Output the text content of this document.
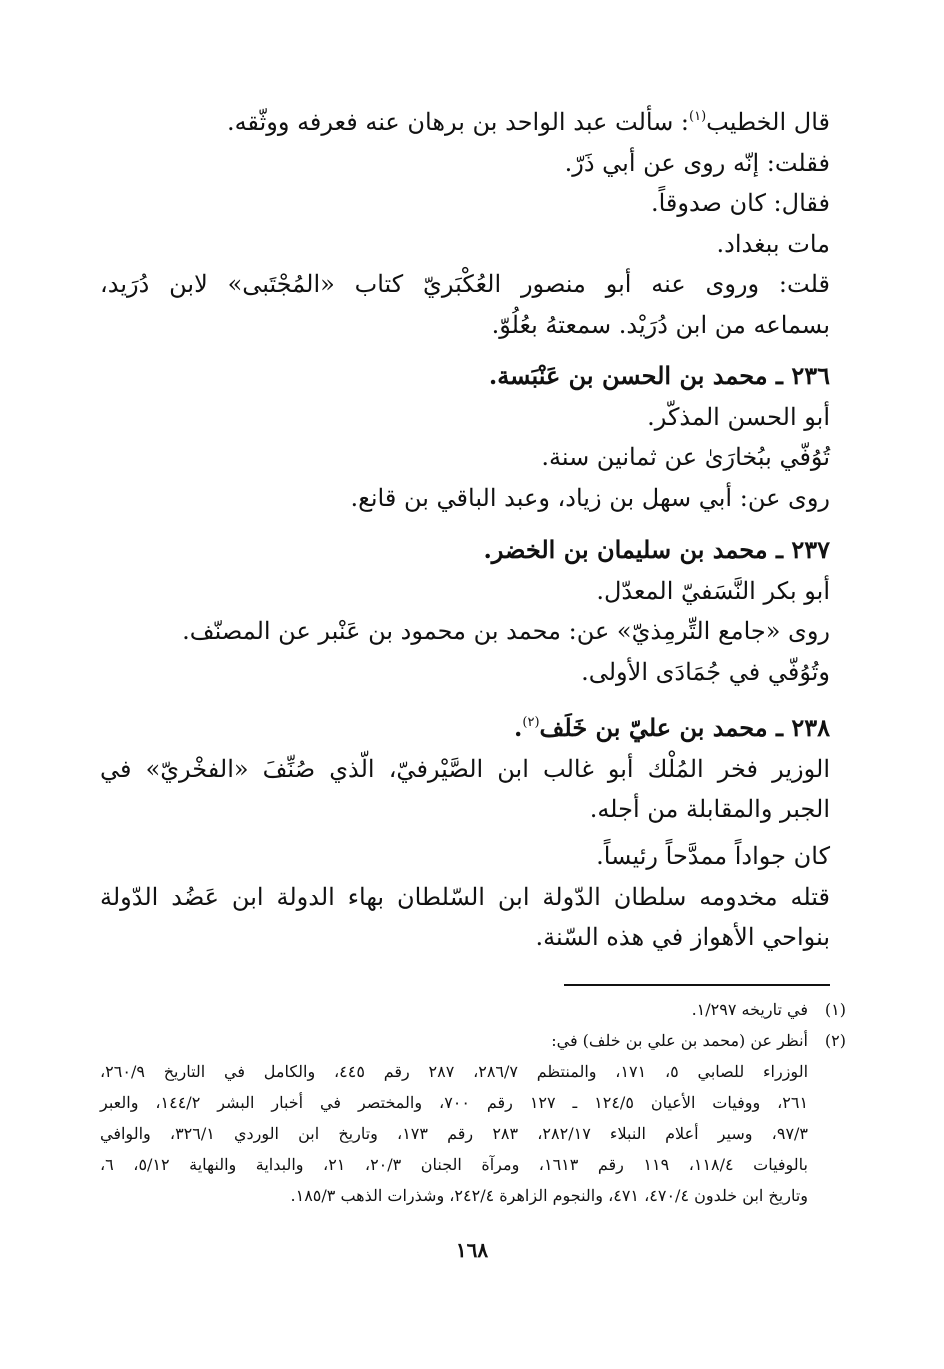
قال الخطيب$^{(١)}$: سألت عبد الواحد بن برهان عنه فعرفه ووثّقه.
فقلت: إنّه روى عن أبي ذَرّ.
فقال: كان صدوقاً.
مات ببغداد.
قلت: وروى عنه أبو منصور العُكْبَريّ كتاب «المُجْتَبى» لابن دُرَيد،
بسماعه من ابن دُرَيْد. سمعتهُ بعُلُوّ.
٢٣٦ ـ محمد بن الحسن بن عَنْبَسة.
أبو الحسن المذكّر.
تُوُفّي ببُخارَىٰ عن ثمانين سنة.
روى عن: أبي سهل بن زياد، وعبد الباقي بن قانع.
٢٣٧ ـ محمد بن سليمان بن الخضر.
أبو بكر النَّسَفيّ المعدّل.
روى «جامع التِّرمِذيّ» عن: محمد بن محمود بن عَنْبر عن المصنّف.
وتُوُفّي في جُمَادَى الأولى.
٢٣٨ ـ محمد بن عليّ بن خَلَف$^{(٢)}$.
الوزير فخر المُلْك أبو غالب ابن الصَّيْرفيّ، الّذي صُنِّفَ «الفخْريّ» في
الجبر والمقابلة من أجله.
كان جواداً ممدَّحاً رئيساً.
قتله مخدومه سلطان الدّولة ابن السّلطان بهاء الدولة ابن عَضُد الدّولة
بنواحي الأهواز في هذه السّنة.
(١)في تاريخه ١/٢٩٧.
(٢)أنظر عن (محمد بن علي بن خلف) في:
الوزراء للصابي ٥، ١٧١، والمنتظم ٢٨٦/٧، ٢٨٧ رقم ٤٤٥، والكامل في التاريخ ٢٦٠/٩،
٢٦١، ووفيات الأعيان ١٢٤/٥ ـ ١٢٧ رقم ٧٠٠، والمختصر في أخبار البشر ١٤٤/٢، والعبر
٩٧/٣، وسير أعلام النبلاء ٢٨٢/١٧، ٢٨٣ رقم ١٧٣، وتاريخ ابن الوردي ٣٢٦/١، والوافي
بالوفيات ١١٨/٤، ١١٩ رقم ١٦١٣، ومرآة الجنان ٢٠/٣، ٢١، والبداية والنهاية ٥/١٢، ٦،
وتاريخ ابن خلدون ٤٧٠/٤، ٤٧١، والنجوم الزاهرة ٢٤٢/٤، وشذرات الذهب ١٨٥/٣.
١٦٨
